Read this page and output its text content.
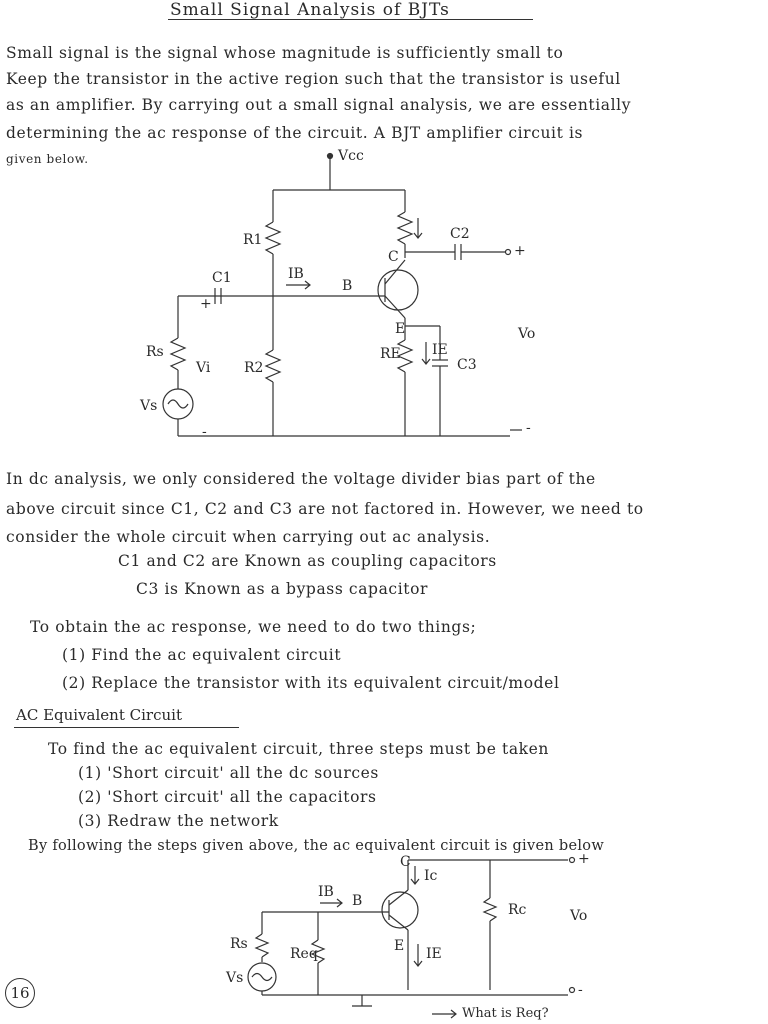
Small Signal Analysis of BJTs
Small signal is the signal whose magnitude is sufficiently small to
Keep the transistor in the active region such that the transistor is useful
as an amplifier. By carrying out a small signal analysis, we are essentially
determining the ac response of the circuit. A BJT amplifier circuit is
given below.	Vcc
R1
C1
+
C2
+
IB
B
C
E
IE
C3
Rs
Vi R2
RE
Vs
Vo
-	-
In dc analysis, we only considered the voltage divider bias part of the
above circuit since C1, C2 and C3 are not factored in. However, we need to
consider the whole circuit when carrying out ac analysis.
C1 and C2 are Known as coupling capacitors
C3 is Known as a bypass capacitor
To obtain the ac response, we need to do two things;
(1) Find the ac equivalent circuit
(2) Replace the transistor with its equivalent circuit/model
AC Equivalent Circuit
To find the ac equivalent circuit, three steps must be taken
(1) 'Short circuit' all the dc sources
(2) 'Short circuit' all the capacitors
(3) Redraw the network
By following the steps given above, the ac equivalent circuit is given below
C
Ic
IB
B
Rc	Vo
Rs
Req	E IE
Vs
+
-
What is Req?
16
